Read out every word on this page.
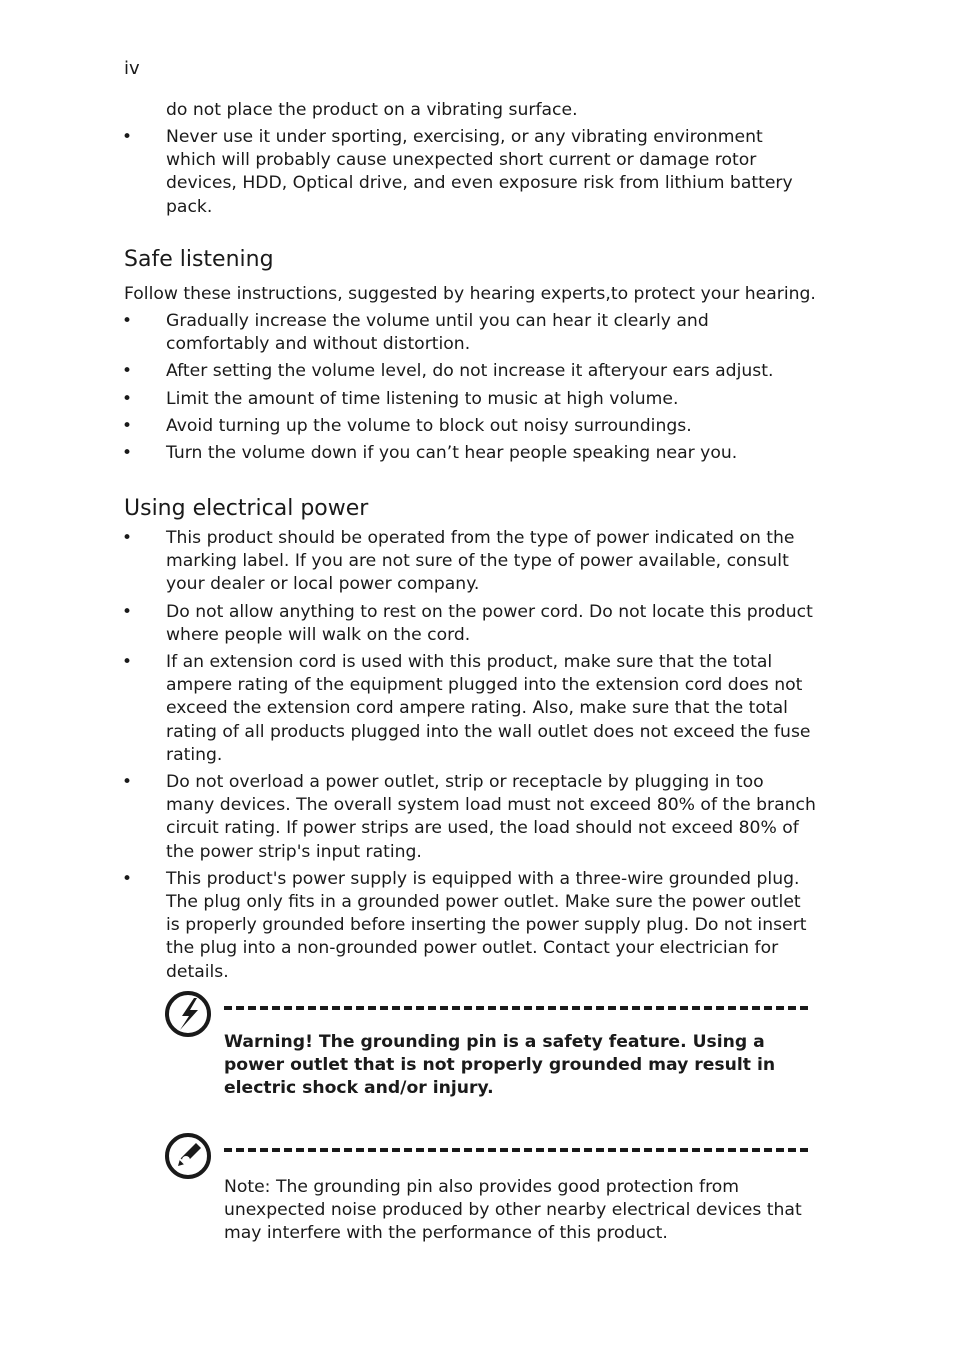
iv
do not place the product on a vibrating surface.
• Never use it under sporting, exercising, or any vibrating environment which will probably cause unexpected short current or damage rotor devices, HDD, Optical drive, and even exposure risk from lithium battery pack.
Safe listening

Follow these instructions, suggested by hearing experts,to protect your hearing.

• Gradually increase the volume until you can hear it clearly and comfortably and without distortion.
• After setting the volume level, do not increase it afteryour ears adjust.
• Limit the amount of time listening to music at high volume.
• Avoid turning up the volume to block out noisy surroundings.
• Turn the volume down if you can’t hear people speaking near you.
Using electrical power
• This product should be operated from the type of power indicated on the marking label. If you are not sure of the type of power available, consult your dealer or local power company.
• Do not allow anything to rest on the power cord. Do not locate this product where people will walk on the cord.
• If an extension cord is used with this product, make sure that the total ampere rating of the equipment plugged into the extension cord does not exceed the extension cord ampere rating. Also, make sure that the total rating of all products plugged into the wall outlet does not exceed the fuse rating.
• Do not overload a power outlet, strip or receptacle by plugging in too many devices. The overall system load must not exceed 80% of the branch circuit rating. If power strips are used, the load should not exceed 80% of the power strip's input rating.
• This product's power supply is equipped with a three-wire grounded plug. The plug only fits in a grounded power outlet. Make sure the power outlet is properly grounded before inserting the power supply plug. Do not insert the plug into a non-grounded power outlet. Contact your electrician for details.
Warning! The grounding pin is a safety feature. Using a power outlet that is not properly grounded may result in electric shock and/or injury.
Note: The grounding pin also provides good protection from unexpected noise produced by other nearby electrical devices that may interfere with the performance of this product.
